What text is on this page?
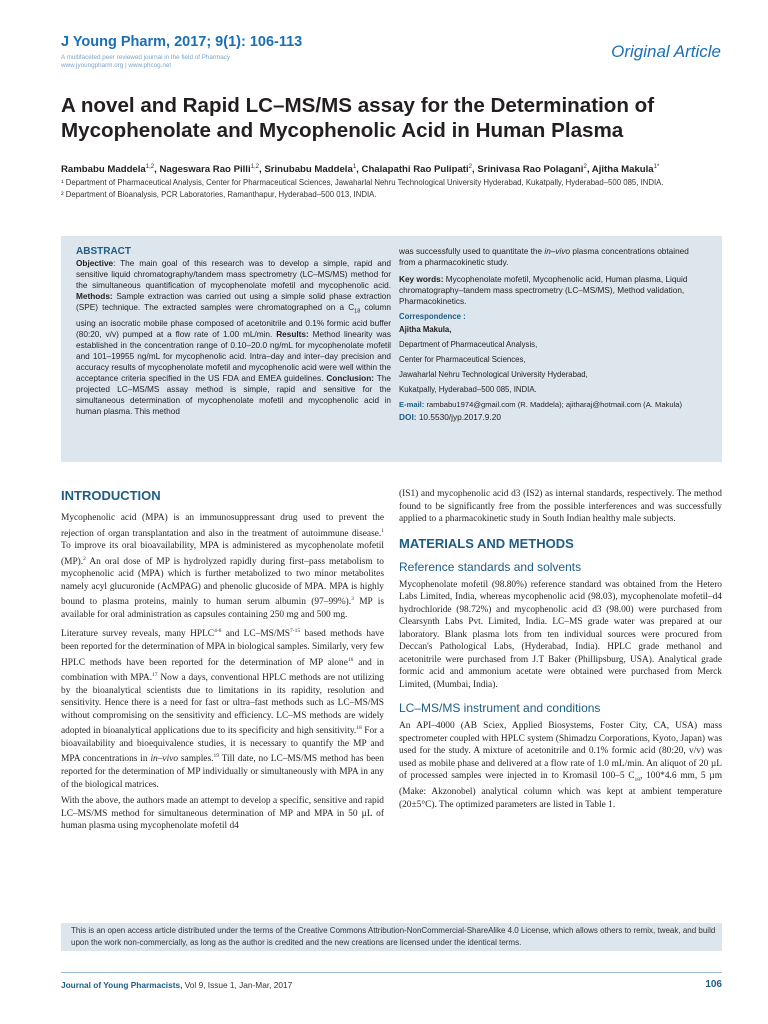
J Young Pharm, 2017; 9(1): 106-113
A multifaceted peer reviewed journal in the field of Pharmacy
www.jyoungpharm.org | www.phcog.net
Original Article
A novel and Rapid LC–MS/MS assay for the Determination of Mycophenolate and Mycophenolic Acid in Human Plasma
Rambabu Maddela$^{1,2}$, Nageswara Rao Pilli$^{1,2}$, Srinubabu Maddela$^1$, Chalapathi Rao Pulipati$^2$, Srinivasa Rao Polagani$^2$, Ajitha Makula$^{1*}$

¹ Department of Pharmaceutical Analysis, Center for Pharmaceutical Sciences, Jawaharlal Nehru Technological University Hyderabad, Kukatpally, Hyderabad–500 085, INDIA.

² Department of Bioanalysis, PCR Laboratories, Ramanthapur, Hyderabad–500 013, INDIA.

ABSTRACT
Objective: The main goal of this research was to develop a simple, rapid and sensitive liquid chromatography/tandem mass spectrometry (LC–MS/MS) method for the simultaneous quantification of mycophenolate mofetil and mycophenolic acid. Methods: Sample extraction was carried out using a simple solid phase extraction (SPE) technique. The extracted samples were chromatographed on a $C_{18}$ column using an isocratic mobile phase composed of acetonitrile and 0.1% formic acid buffer (80:20, v/v) pumped at a flow rate of 1.00 mL/min. Results: Method linearity was established in the concentration range of 0.10–20.0 ng/mL for mycophenolate mofetil and 101–19955 ng/mL for mycophenolic acid. Intra–day and inter–day precision and accuracy results of mycophenolate mofetil and mycophenolic acid were well within the acceptance criteria specified in the US FDA and EMEA guidelines. Conclusion: The projected LC–MS/MS assay method is simple, rapid and sensitive for the simultaneous determination of mycophenolate mofetil and mycophenolic acid in human plasma. This method
was successfully used to quantitate the in–vivo plasma concentrations obtained from a pharmacokinetic study.
Key words: Mycophenolate mofetil, Mycophenolic acid, Human plasma, Liquid chromatography–tandem mass spectrometry (LC–MS/MS), Method validation, Pharmacokinetics.
Correspondence :
Ajitha Makula,
Department of Pharmaceutical Analysis,
Center for Pharmaceutical Sciences,
Jawaharlal Nehru Technological University Hyderabad,
Kukatpally, Hyderabad–500 085, INDIA.
E-mail: rambabu1974@gmail.com (R. Maddela); ajitharaj@hotmail.com (A. Makula)
DOI: 10.5530/jyp.2017.9.20
INTRODUCTION

Mycophenolic acid (MPA) is an immunosuppressant drug used to prevent the rejection of organ transplantation and also in the treatment of autoimmune disease.$^1$ To improve its oral bioavailability, MPA is administered as mycophenolate mofetil (MP).$^2$ An oral dose of MP is hydrolyzed rapidly during first–pass metabolism to mycophenolic acid (MPA) which is further metabolized to two minor metabolites namely acyl glucuronide (AcMPAG) and phenolic glucoside of MPA. MPA is highly bound to plasma proteins, mainly to human serum albumin (97–99%).$^3$ MP is available for oral administration as capsules containing 250 mg and 500 mg.

Literature survey reveals, many HPLC$^{4-6}$ and LC–MS/MS$^{7-15}$ based methods have been reported for the determination of MPA in biological samples. Similarly, very few HPLC methods have been reported for the determination of MP alone$^{16}$ and in combination with MPA.$^{17}$ Now a days, conventional HPLC methods are not utilizing by the bioanalytical scientists due to limitations in its rapidity, resolution and sensitivity. Hence there is a need for fast or ultra–fast methods such as LC–MS/MS without compromising on the sensitivity and efficiency. LC–MS methods are widely adopted in bioanalytical applications due to its specificity and high sensitivity.$^{18}$ For a bioavailability and bioequivalence studies, it is necessary to quantify the MP and MPA concentrations in in–vivo samples.$^{19}$ Till date, no LC–MS/MS method has been reported for the determination of MP individually or simultaneously with MPA in any of the biological matrices.

With the above, the authors made an attempt to develop a specific, sensitive and rapid LC–MS/MS method for simultaneous determination of MP and MPA in 50 µL of human plasma using mycophenolate mofetil d4

(IS1) and mycophenolic acid d3 (IS2) as internal standards, respectively. The method found to be significantly free from the possible interferences and was successfully applied to a pharmacokinetic study in South Indian healthy male subjects.

MATERIALS AND METHODS
Reference standards and solvents

Mycophenolate mofetil (98.80%) reference standard was obtained from the Hetero Labs Limited, India, whereas mycophenolic acid (98.03), mycophenolate mofetil–d4 hydrochloride (98.72%) and mycophenolic acid d3 (98.00) were purchased from Clearsynth Labs Pvt. Limited, India. LC–MS grade water was prepared at our laboratory. Blank plasma lots from ten individual sources were procured from Deccan's Pathological Labs, (Hyderabad, India). HPLC grade methanol and acetonitrile were purchased from J.T Baker (Phillipsburg, USA). Analytical grade formic acid and ammonium acetate were obtained were purchased from Merck Limited, (Mumbai, India).

LC–MS/MS instrument and conditions

An API–4000 (AB Sciex, Applied Biosystems, Foster City, CA, USA) mass spectrometer coupled with HPLC system (Shimadzu Corporations, Kyoto, Japan) was used for the study. A mixture of acetonitrile and 0.1% formic acid (80:20, v/v) was used as mobile phase and delivered at a flow rate of 1.0 mL/min. An aliquot of 20 µL of processed samples were injected in to Kromasil 100–5 $C_{18}$, 100*4.6 mm, 5 µm (Make: Akzonobel) analytical column which was kept at ambient temperature (20±5°C). The optimized parameters are listed in Table 1.

This is an open access article distributed under the terms of the Creative Commons Attribution-NonCommercial-ShareAlike 4.0 License, which allows others to remix, tweak, and build upon the work non-commercially, as long as the author is credited and the new creations are licensed under the identical terms.
Journal of Young Pharmacists, Vol 9, Issue 1, Jan-Mar, 2017	106
